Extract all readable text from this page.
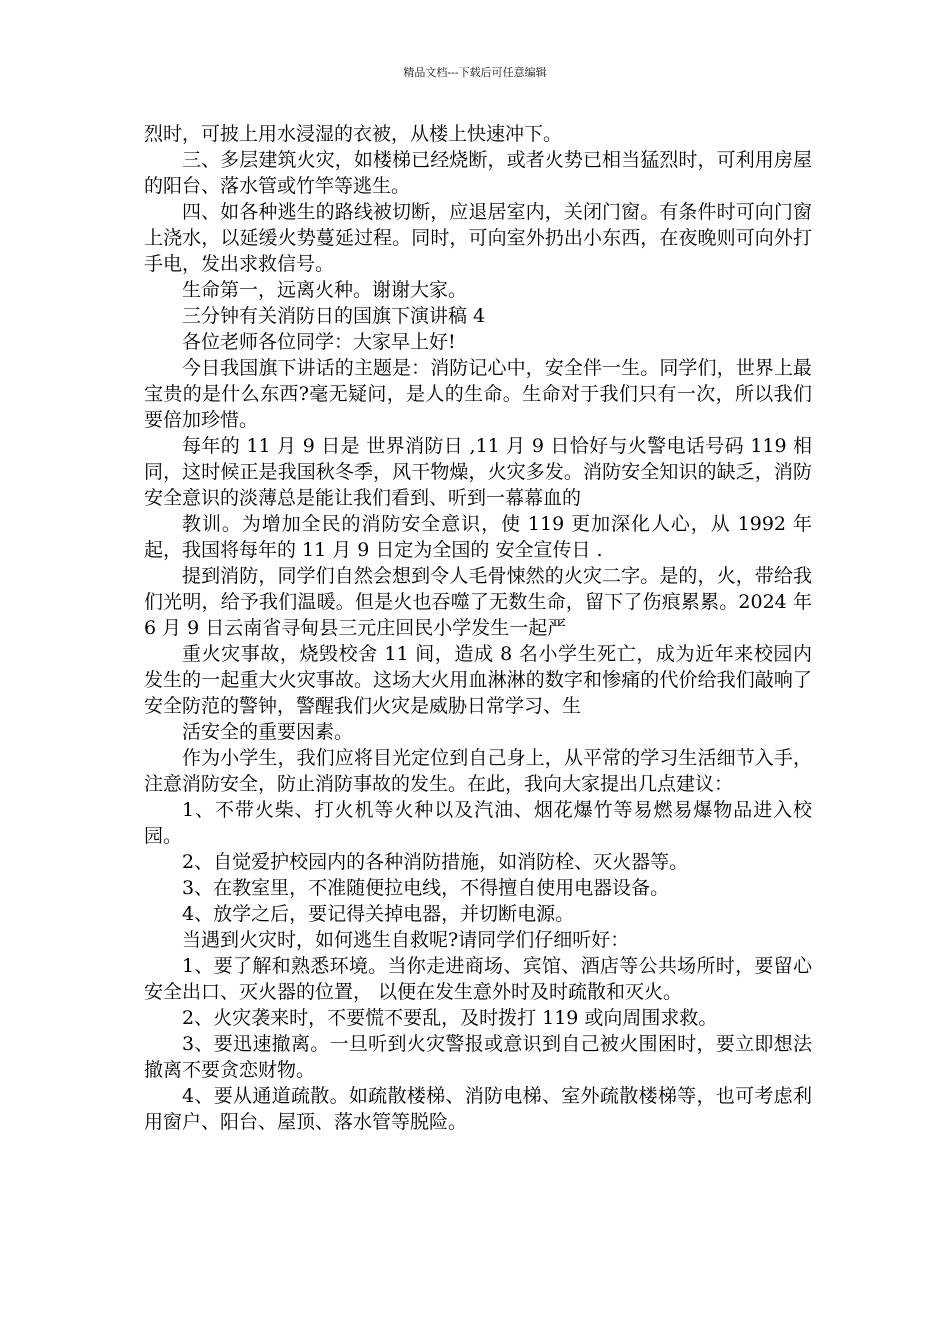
精品文档---下载后可任意编辑

烈时，可披上用水浸湿的衣被，从楼上快速冲下。

三、多层建筑火灾，如楼梯已经烧断，或者火势已相当猛烈时，可利用房屋的阳台、落水管或竹竿等逃生。

四、如各种逃生的路线被切断，应退居室内，关闭门窗。有条件时可向门窗上浇水，以延缓火势蔓延过程。同时，可向室外扔出小东西，在夜晚则可向外打手电，发出求救信号。

生命第一，远离火种。谢谢大家。

三分钟有关消防日的国旗下演讲稿 4

各位老师各位同学：大家早上好!

今日我国旗下讲话的主题是：消防记心中，安全伴一生。同学们，世界上最宝贵的是什么东西?毫无疑问，是人的生命。生命对于我们只有一次，所以我们要倍加珍惜。

每年的 11 月 9 日是 世界消防日 ,11 月 9 日恰好与火警电话号码 119 相同，这时候正是我国秋冬季，风干物燥，火灾多发。消防安全知识的缺乏，消防安全意识的淡薄总是能让我们看到、听到一幕幕血的

教训。为增加全民的消防安全意识，使 119 更加深化人心，从 1992 年起，我国将每年的 11 月 9 日定为全国的 安全宣传日 .

提到消防，同学们自然会想到令人毛骨悚然的火灾二字。是的，火，带给我们光明，给予我们温暖。但是火也吞噬了无数生命，留下了伤痕累累。2024 年 6 月 9 日云南省寻甸县三元庄回民小学发生一起严

重火灾事故，烧毁校舍 11 间，造成 8 名小学生死亡，成为近年来校园内发生的一起重大火灾事故。这场大火用血淋淋的数字和惨痛的代价给我们敲响了安全防范的警钟，警醒我们火灾是威胁日常学习、生

活安全的重要因素。

作为小学生，我们应将目光定位到自己身上，从平常的学习生活细节入手，注意消防安全，防止消防事故的发生。在此，我向大家提出几点建议：

1、不带火柴、打火机等火种以及汽油、烟花爆竹等易燃易爆物品进入校园。

2、自觉爱护校园内的各种消防措施，如消防栓、灭火器等。

3、在教室里，不准随便拉电线，不得擅自使用电器设备。

4、放学之后，要记得关掉电器，并切断电源。

当遇到火灾时，如何逃生自救呢?请同学们仔细听好：

1、要了解和熟悉环境。当你走进商场、宾馆、酒店等公共场所时，要留心安全出口、灭火器的位置， 以便在发生意外时及时疏散和灭火。

2、火灾袭来时，不要慌不要乱，及时拨打 119 或向周围求救。

3、要迅速撤离。一旦听到火灾警报或意识到自己被火围困时，要立即想法撤离不要贪恋财物。

4、要从通道疏散。如疏散楼梯、消防电梯、室外疏散楼梯等，也可考虑利用窗户、阳台、屋顶、落水管等脱险。
